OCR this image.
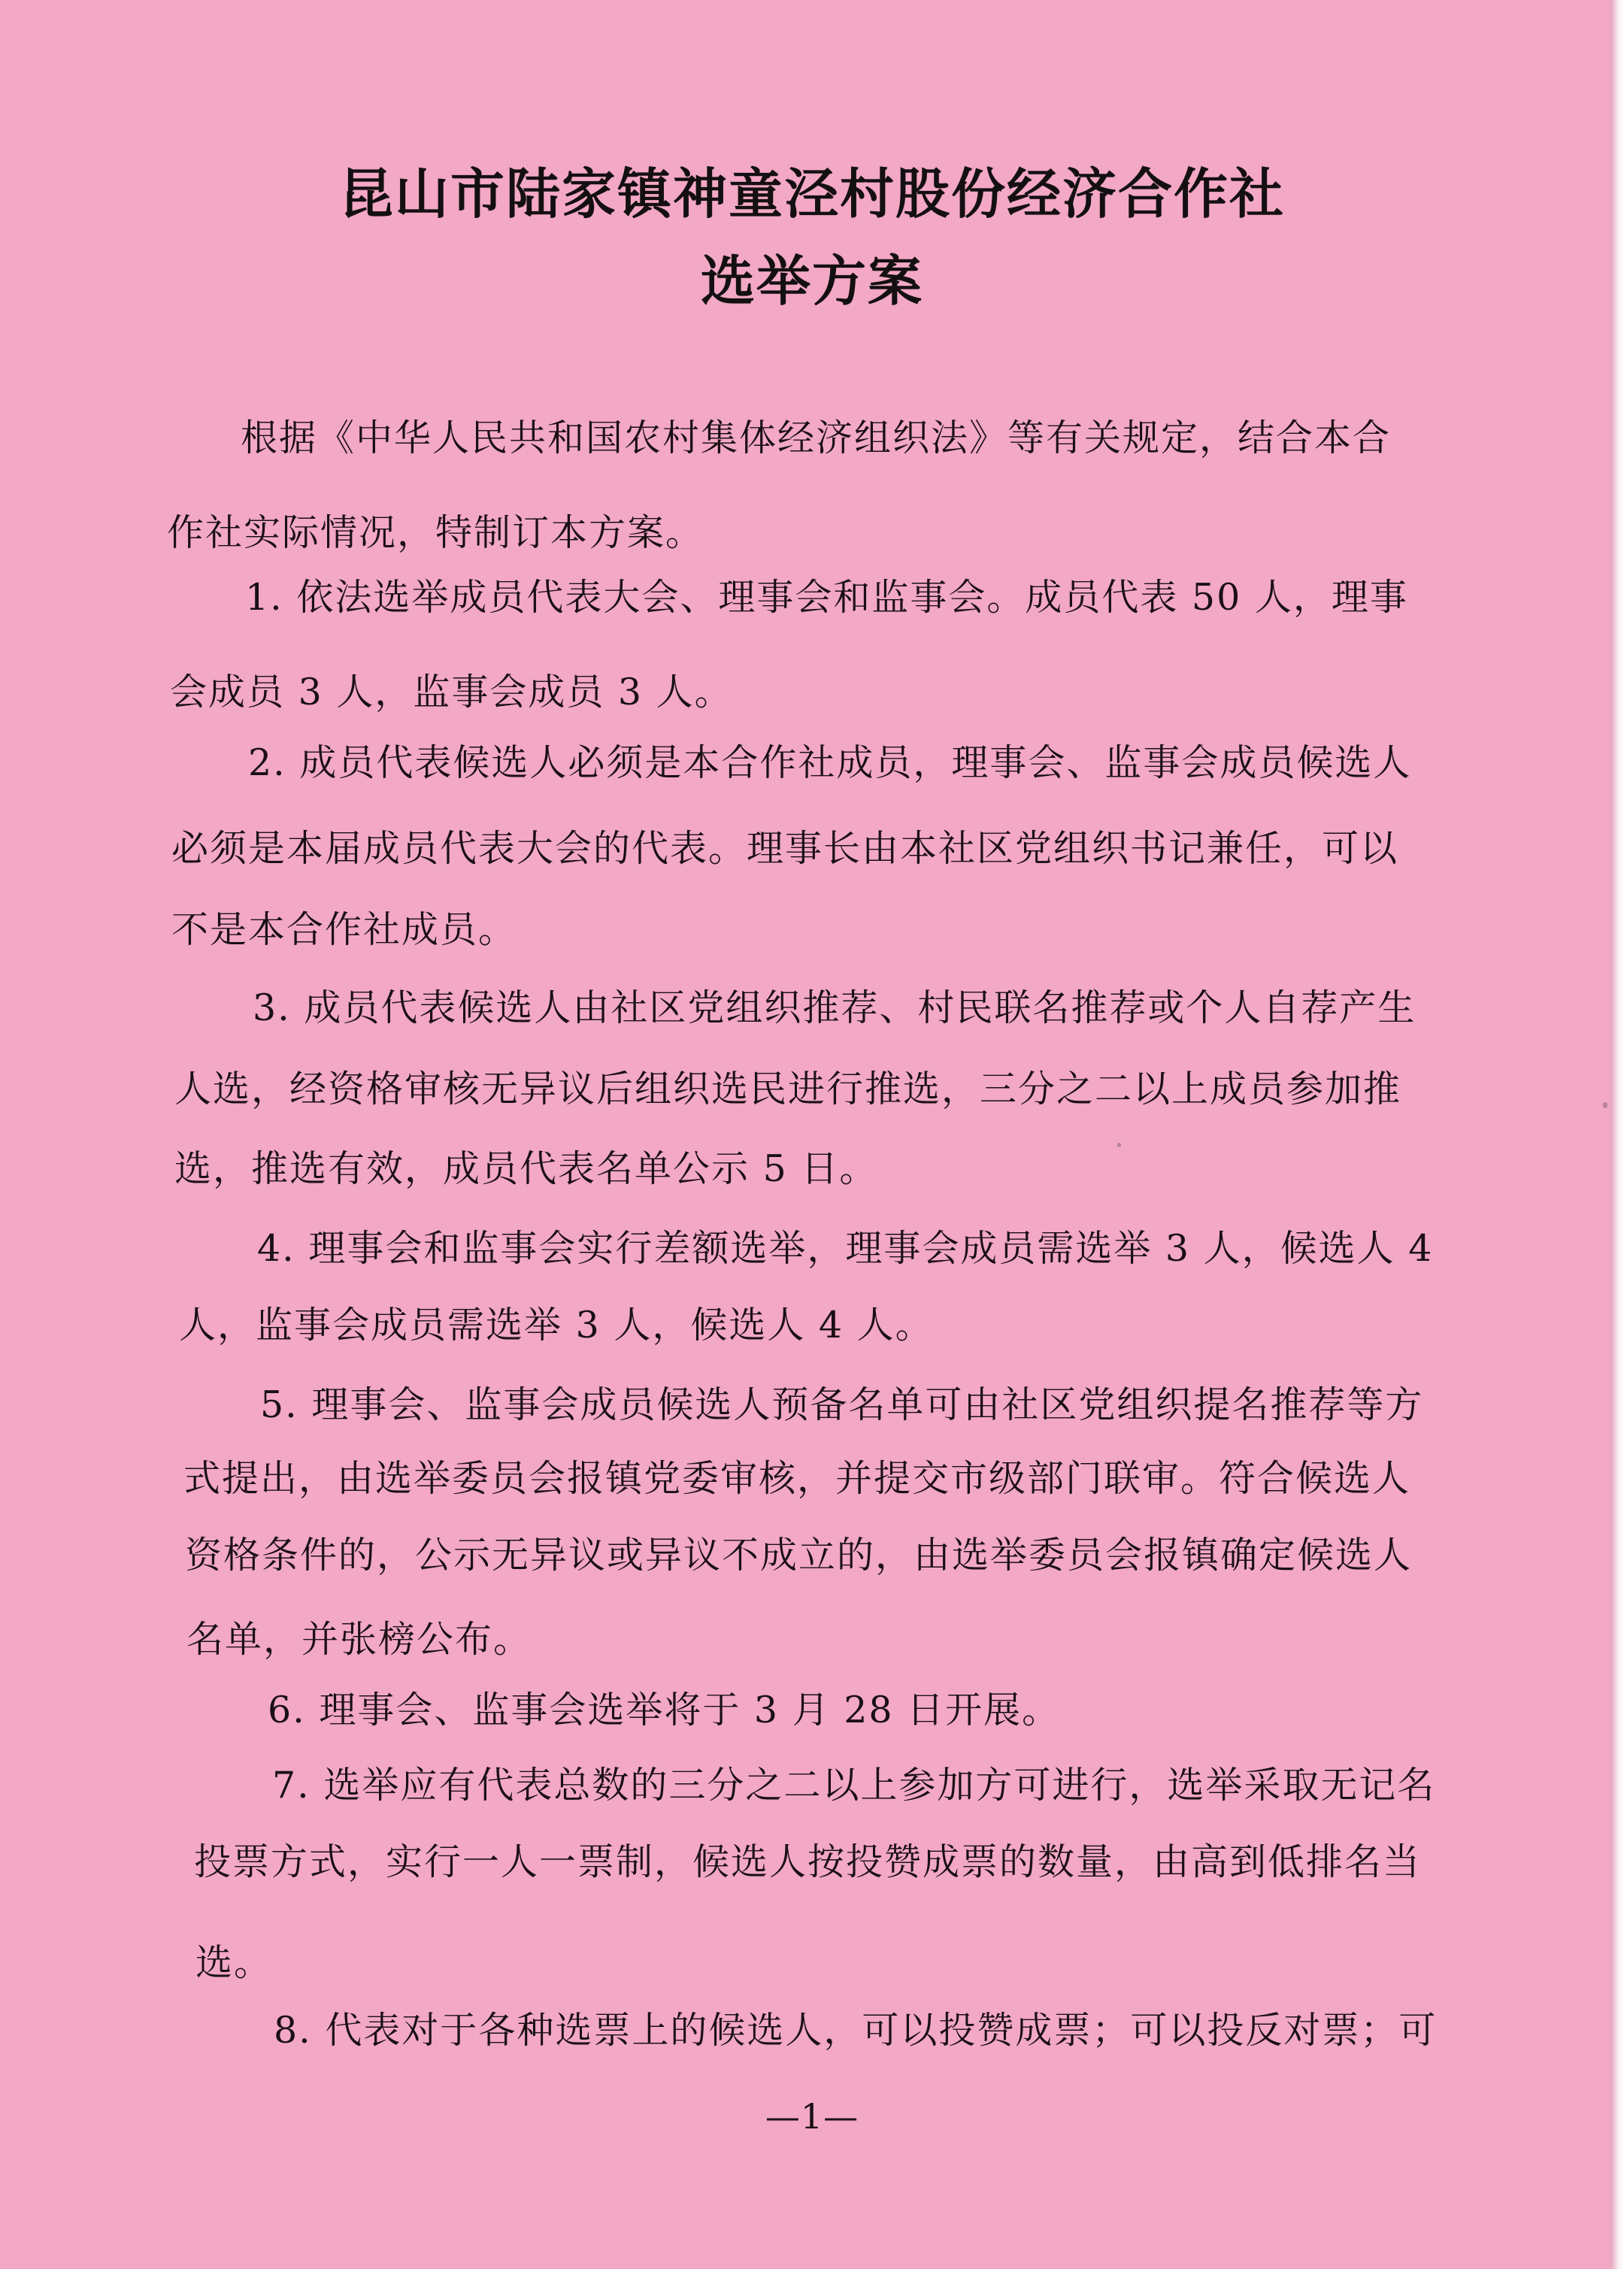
昆山市陆家镇神童泾村股份经济合作社
选举方案
根据《中华人民共和国农村集体经济组织法》等有关规定，结合本合
作社实际情况，特制订本方案。
1. 依法选举成员代表大会、理事会和监事会。成员代表 50 人，理事
会成员 3 人，监事会成员 3 人。
2. 成员代表候选人必须是本合作社成员，理事会、监事会成员候选人
必须是本届成员代表大会的代表。理事长由本社区党组织书记兼任，可以
不是本合作社成员。
3. 成员代表候选人由社区党组织推荐、村民联名推荐或个人自荐产生
人选，经资格审核无异议后组织选民进行推选，三分之二以上成员参加推
选，推选有效，成员代表名单公示 5 日。
4. 理事会和监事会实行差额选举，理事会成员需选举 3 人，候选人 4
人，监事会成员需选举 3 人，候选人 4 人。
5. 理事会、监事会成员候选人预备名单可由社区党组织提名推荐等方
式提出，由选举委员会报镇党委审核，并提交市级部门联审。符合候选人
资格条件的，公示无异议或异议不成立的，由选举委员会报镇确定候选人
名单，并张榜公布。
6. 理事会、监事会选举将于 3 月 28 日开展。
7. 选举应有代表总数的三分之二以上参加方可进行，选举采取无记名
投票方式，实行一人一票制，候选人按投赞成票的数量，由高到低排名当
选。
8. 代表对于各种选票上的候选人，可以投赞成票；可以投反对票；可
—1—
